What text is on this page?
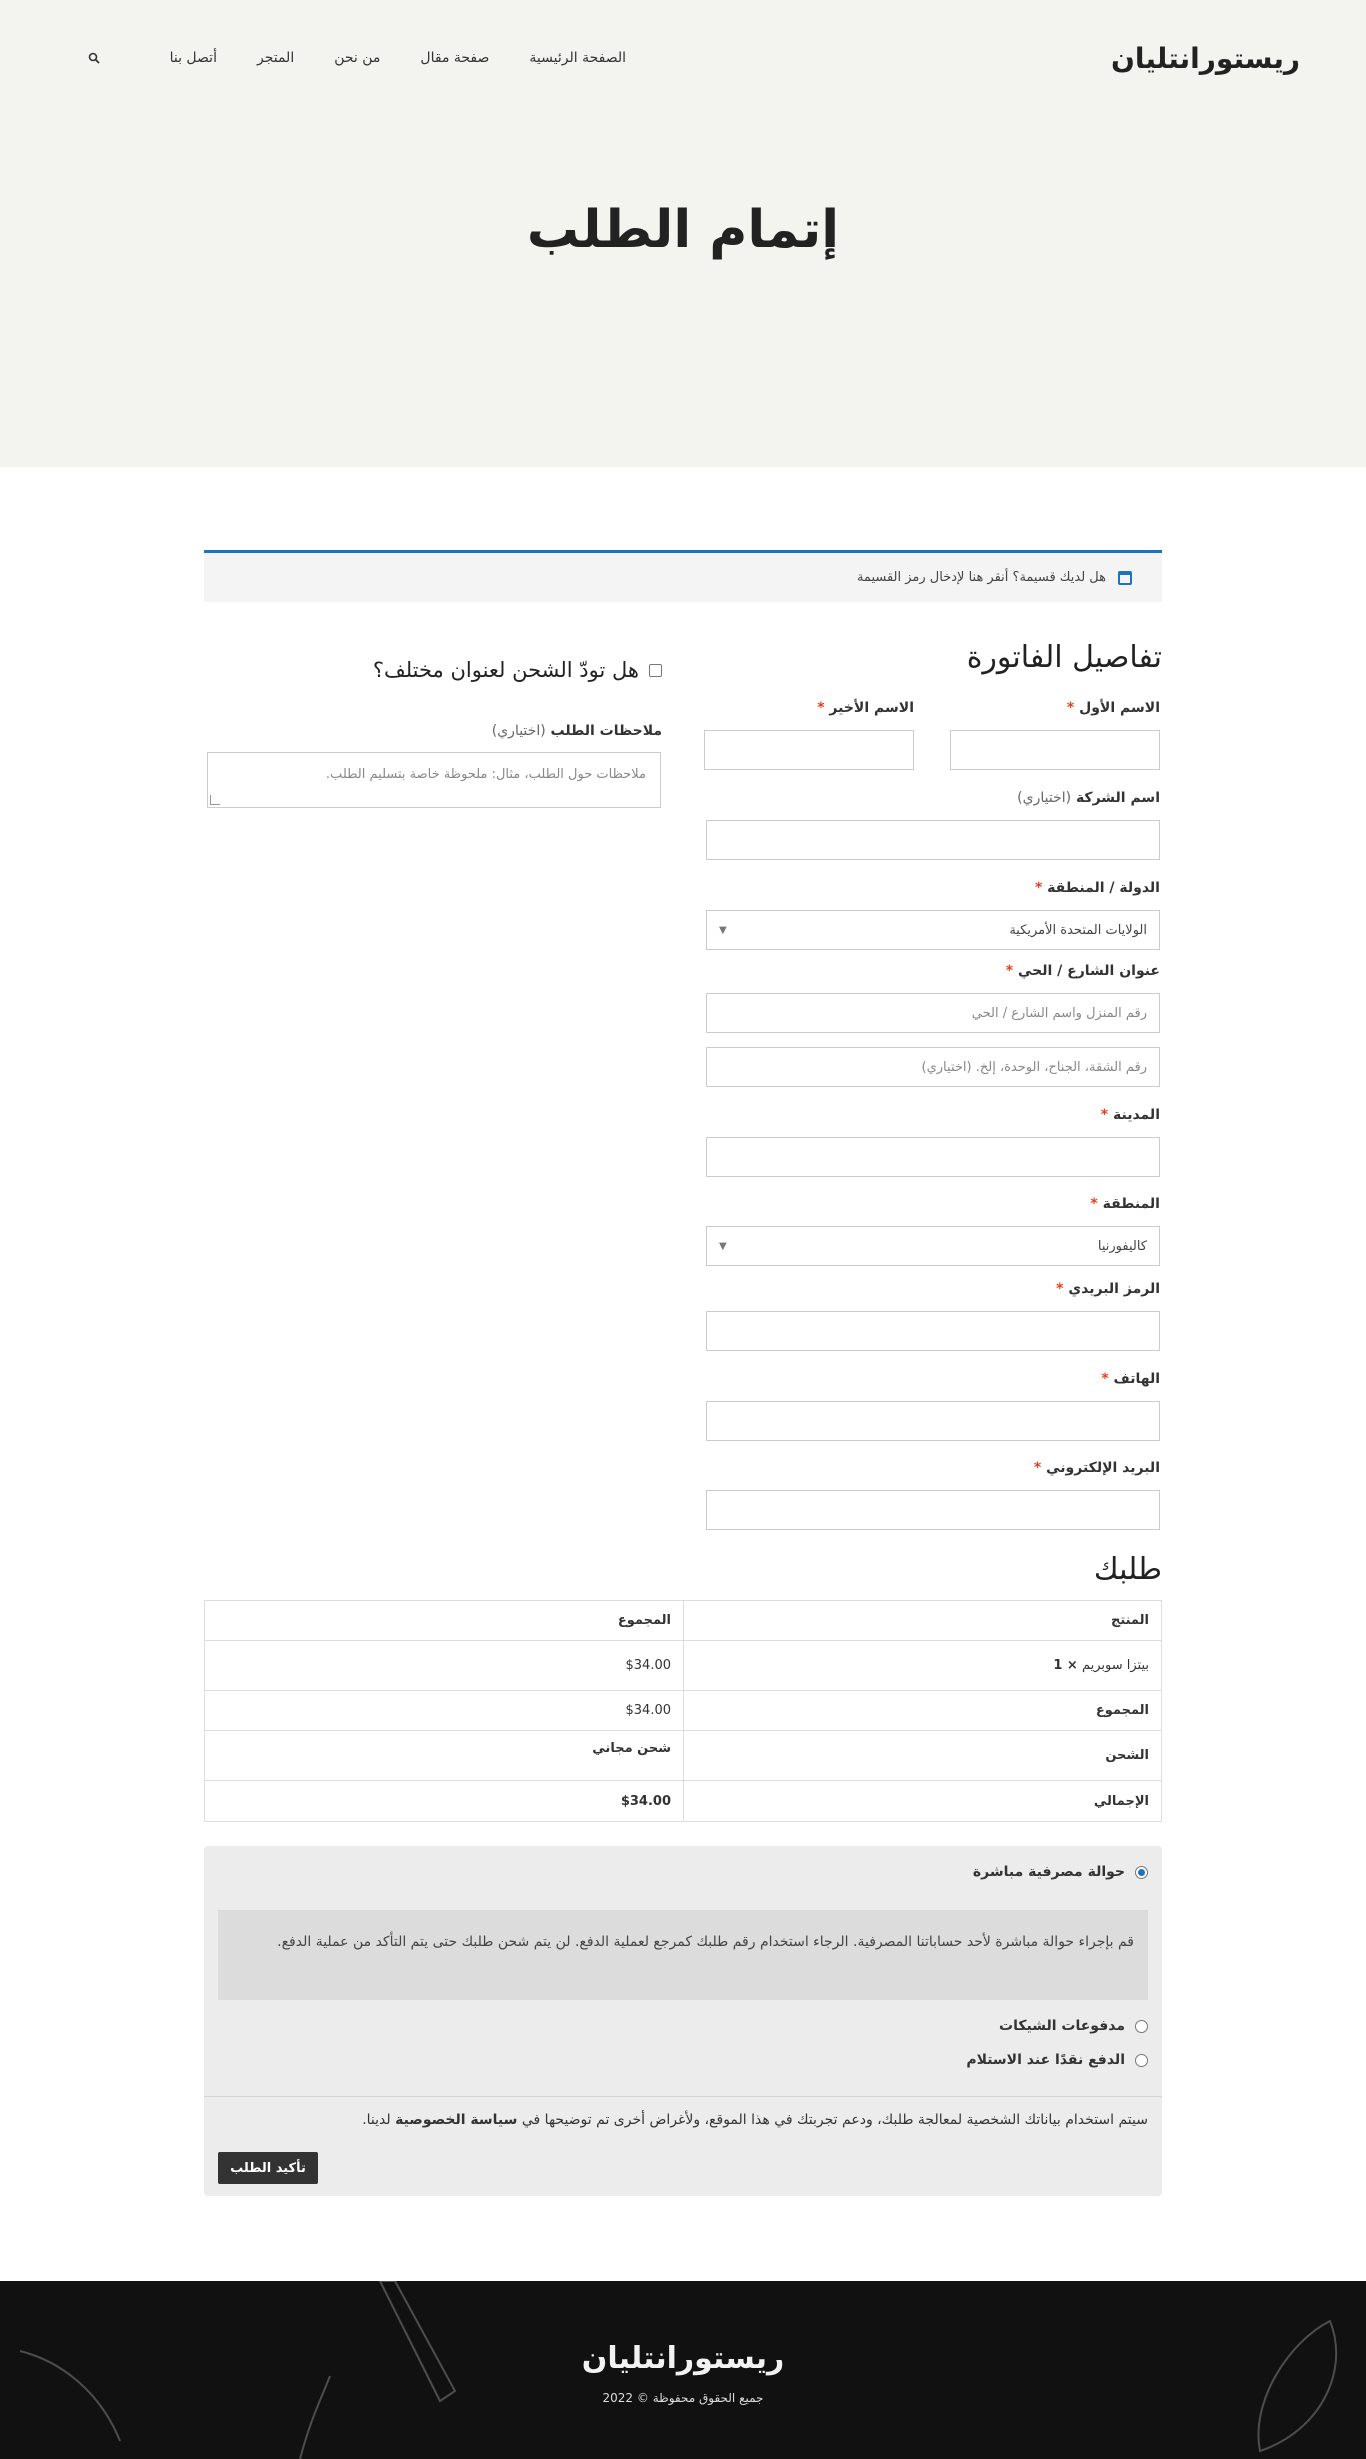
ريستورانتليان
الصفحة الرئيسية
صفحة مقال
من نحن
المتجر
أتصل بنا
إتمام الطلب
هل لديك قسيمة؟ أنقر هنا لإدخال رمز القسيمة
تفاصيل الفاتورة
الاسم الأول *
الاسم الأخير *
اسم الشركة (اختياري)
الدولة / المنطقة *
الولايات المتحدة الأمريكية
▼
عنوان الشارع / الحي *
رقم المنزل واسم الشارع / الحي
رقم الشقة، الجناح، الوحدة، إلخ. (اختياري)
المدينة *
المنطقة *
كاليفورنيا
▼
الرمز البريدي *
الهاتف *
البريد الإلكتروني *
هل تودّ الشحن لعنوان مختلف؟
ملاحظات الطلب (اختياري)
ملاحظات حول الطلب، مثال: ملحوظة خاصة بتسليم الطلب.
طلبك
المنتج
المجموع
بيتزا سوبريم

× 1
$34.00
المجموع
$34.00
الشحن
شحن مجاني
الإجمالي
$34.00
حوالة مصرفية مباشرة
قم بإجراء حوالة مباشرة لأحد حساباتنا المصرفية. الرجاء استخدام رقم طلبك كمرجع لعملية الدفع. لن يتم شحن طلبك حتى يتم التأكد من عملية الدفع.
مدفوعات الشيكات
الدفع نقدًا عند الاستلام

سيتم استخدام بياناتك الشخصية لمعالجة طلبك، ودعم تجربتك في هذا الموقع، ولأغراض أخرى تم توضيحها في سياسة الخصوصية لدينا.

تأكيد الطلب
ريستورانتليان
جميع الحقوق محفوظة © 2022
